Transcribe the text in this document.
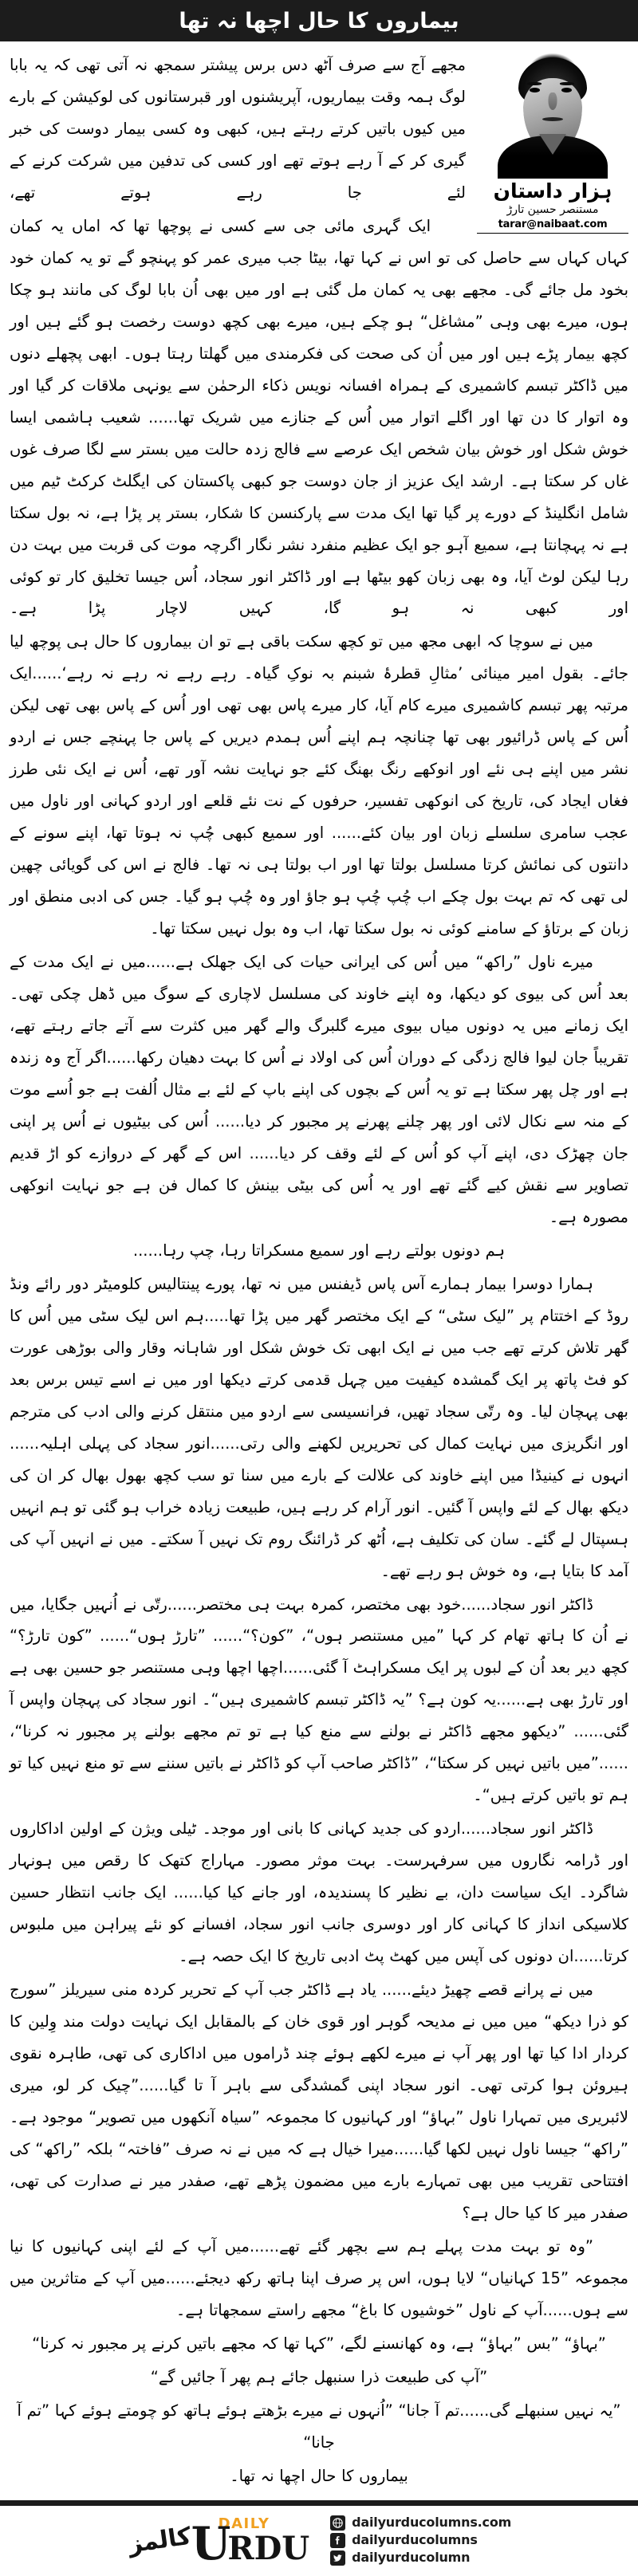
بیماروں کا حال اچھا نہ تھا
ہزار داستان
مستنصر حسین تارڑ
tarar@naibaat.com

مجھے آج سے صرف آٹھ دس برس پیشتر سمجھ نہ آتی تھی کہ یہ بابا لوگ ہمہ وقت بیماریوں، آپریشنوں اور قبرستانوں کی لوکیشن کے بارے میں کیوں باتیں کرتے رہتے ہیں، کبھی وہ کسی بیمار دوست کی خبر گیری کر کے آ رہے ہوتے تھے اور کسی کی تدفین میں شرکت کرنے کے لئے جا رہے ہوتے تھے،

ایک گہری مائی جی سے کسی نے پوچھا تھا کہ اماں یہ کمان کہاں کہاں سے حاصل کی تو اس نے کہا تھا، بیٹا جب میری عمر کو پہنچو گے تو یہ کمان خود بخود مل جائے گی۔ مجھے بھی یہ کمان مل گئی ہے اور میں بھی اُن بابا لوگ کی مانند ہو چکا ہوں، میرے بھی وہی ”مشاغل“ ہو چکے ہیں، میرے بھی کچھ دوست رخصت ہو گئے ہیں اور کچھ بیمار پڑے ہیں اور میں اُن کی صحت کی فکرمندی میں گھلتا رہتا ہوں۔ ابھی پچھلے دنوں میں ڈاکٹر تبسم کاشمیری کے ہمراہ افسانہ نویس ذکاء الرحمٰن سے یونہی ملاقات کر گیا اور وہ اتوار کا دن تھا اور اگلے اتوار میں اُس کے جنازے میں شریک تھا...... شعیب ہاشمی ایسا خوش شکل اور خوش بیان شخص ایک عرصے سے فالج زدہ حالت میں بستر سے لگا صرف غوں غاں کر سکتا ہے۔ ارشد ایک عزیز از جان دوست جو کبھی پاکستان کی ایگلٹ کرکٹ ٹیم میں شامل انگلینڈ کے دورے پر گیا تھا ایک مدت سے پارکنسن کا شکار، بستر پر پڑا ہے، نہ بول سکتا ہے نہ پہچانتا ہے، سمیع آہو جو ایک عظیم منفرد نشر نگار اگرچہ موت کی قربت میں بہت دن رہا لیکن لوٹ آیا، وہ بھی زبان کھو بیٹھا ہے اور ڈاکٹر انور سجاد، اُس جیسا تخلیق کار تو کوئی اور کبھی نہ ہو گا، کہیں لاچار پڑا ہے۔

میں نے سوچا کہ ابھی مجھ میں تو کچھ سکت باقی ہے تو ان بیماروں کا حال ہی پوچھ لیا جائے۔ بقول امیر مینائی ’مثالِ قطرۂ شبنم بہ نوکِ گیاہ۔ رہے رہے نہ رہے نہ رہے‘......ایک مرتبہ پھر تبسم کاشمیری میرے کام آیا، کار میرے پاس بھی تھی اور اُس کے پاس بھی تھی لیکن اُس کے پاس ڈرائیور بھی تھا چنانچہ ہم اپنے اُس ہمدم دیریں کے پاس جا پہنچے جس نے اردو نشر میں اپنے ہی نئے اور انوکھے رنگ بھنگ کئے جو نہایت نشہ آور تھے، اُس نے ایک نئی طرز فغاں ایجاد کی، تاریخ کی انوکھی تفسیر، حرفوں کے نت نئے قلعے اور اردو کہانی اور ناول میں عجب سامری سلسلے زبان اور بیان کئے...... اور سمیع کبھی چُپ نہ ہوتا تھا، اپنے سونے کے دانتوں کی نمائش کرتا مسلسل بولتا تھا اور اب بولتا ہی نہ تھا۔ فالج نے اس کی گویائی چھین لی تھی کہ تم بہت بول چکے اب چُپ چُپ ہو جاؤ اور وہ چُپ ہو گیا۔ جس کی ادبی منطق اور زبان کے برتاؤ کے سامنے کوئی نہ بول سکتا تھا، اب وہ بول نہیں سکتا تھا۔

میرے ناول ”راکھ“ میں اُس کی ایرانی حیات کی ایک جھلک ہے......میں نے ایک مدت کے بعد اُس کی بیوی کو دیکھا، وہ اپنے خاوند کی مسلسل لاچاری کے سوگ میں ڈھل چکی تھی۔ ایک زمانے میں یہ دونوں میاں بیوی میرے گلبرگ والے گھر میں کثرت سے آتے جاتے رہتے تھے، تقریباً جان لیوا فالج زدگی کے دوران اُس کی اولاد نے اُس کا بہت دھیان رکھا......اگر آج وہ زندہ ہے اور چل پھر سکتا ہے تو یہ اُس کے بچوں کی اپنے باپ کے لئے بے مثال اُلفت ہے جو اُسے موت کے منہ سے نکال لائی اور پھر چلنے پھرنے پر مجبور کر دیا...... اُس کی بیٹیوں نے اُس پر اپنی جان چھڑک دی، اپنے آپ کو اُس کے لئے وقف کر دیا...... اس کے گھر کے دروازے کو اڑ قدیم تصاویر سے نقش کیے گئے تھے اور یہ اُس کی بیٹی بینش کا کمال فن ہے جو نہایت انوکھی مصورہ ہے۔

ہم دونوں بولتے رہے اور سمیع مسکراتا رہا، چپ رہا......

ہمارا دوسرا بیمار ہمارے آس پاس ڈیفنس میں نہ تھا، پورے پینتالیس کلومیٹر دور رائے ونڈ روڈ کے اختتام پر ”لیک سٹی“ کے ایک مختصر گھر میں پڑا تھا.....ہم اس لیک سٹی میں اُس کا گھر تلاش کرتے تھے جب میں نے ایک ابھی تک خوش شکل اور شاہانہ وقار والی بوڑھی عورت کو فٹ پاتھ پر ایک گمشدہ کیفیت میں چہل قدمی کرتے دیکھا اور میں نے اسے تیس برس بعد بھی پہچان لیا۔ وہ رتّی سجاد تھیں، فرانسیسی سے اردو میں منتقل کرنے والی ادب کی مترجم اور انگریزی میں نہایت کمال کی تحریریں لکھنے والی رتی......انور سجاد کی پہلی اہلیہ...... انہوں نے کینیڈا میں اپنے خاوند کی علالت کے بارے میں سنا تو سب کچھ بھول بھال کر ان کی دیکھ بھال کے لئے واپس آ گئیں۔ انور آرام کر رہے ہیں، طبیعت زیادہ خراب ہو گئی تو ہم انہیں ہسپتال لے گئے۔ سان کی تکلیف ہے، اُٹھ کر ڈرائنگ روم تک نہیں آ سکتے۔ میں نے انہیں آپ کی آمد کا بتایا ہے، وہ خوش ہو رہے تھے۔

ڈاکٹر انور سجاد......خود بھی مختصر، کمرہ بہت ہی مختصر......رتّی نے اُنہیں جگایا، میں نے اُن کا ہاتھ تھام کر کہا ”میں مستنصر ہوں“، ”کون؟“...... ”تارڑ ہوں“...... ”کون تارڑ؟“ کچھ دیر بعد اُن کے لبوں پر ایک مسکراہٹ آ گئی......اچھا اچھا وہی مستنصر جو حسین بھی ہے اور تارڑ بھی ہے......یہ کون ہے؟ ”یہ ڈاکٹر تبسم کاشمیری ہیں“۔ انور سجاد کی پہچان واپس آ گئی...... ”دیکھو مجھے ڈاکٹر نے بولنے سے منع کیا ہے تو تم مجھے بولنے پر مجبور نہ کرنا“، ......”میں باتیں نہیں کر سکتا“، ”ڈاکٹر صاحب آپ کو ڈاکٹر نے باتیں سننے سے تو منع نہیں کیا تو ہم تو باتیں کرتے ہیں“۔

ڈاکٹر انور سجاد......اردو کی جدید کہانی کا بانی اور موجد۔ ٹیلی ویژن کے اولین اداکاروں اور ڈرامہ نگاروں میں سرفہرست۔ بہت موثر مصور۔ مہاراج کتھک کا رقص میں ہونہار شاگرد۔ ایک سیاست دان، بے نظیر کا پسندیدہ، اور جانے کیا کیا...... ایک جانب انتظار حسین کلاسیکی انداز کا کہانی کار اور دوسری جانب انور سجاد، افسانے کو نئے پیراہن میں ملبوس کرتا......ان دونوں کی آپس میں کھٹ پٹ ادبی تاریخ کا ایک حصہ ہے۔

میں نے پرانے قصے چھیڑ دیئے...... یاد ہے ڈاکٹر جب آپ کے تحریر کردہ منی سیریلز ”سورج کو ذرا دیکھ“ میں میں نے مدیحہ گوہر اور قوی خان کے بالمقابل ایک نہایت دولت مند وِلین کا کردار ادا کیا تھا اور پھر آپ نے میرے لکھے ہوئے چند ڈراموں میں اداکاری کی تھی، طاہرہ نقوی ہیروئن ہوا کرتی تھی۔ انور سجاد اپنی گمشدگی سے باہر آ تا گیا......”چیک کر لو، میری لائبریری میں تمہارا ناول ”بہاؤ“ اور کہانیوں کا مجموعہ ”سیاہ آنکھوں میں تصویر“ موجود ہے۔ ”راکھ“ جیسا ناول نہیں لکھا گیا......میرا خیال ہے کہ میں نے نہ صرف ”فاختہ“ بلکہ ”راکھ“ کی افتتاحی تقریب میں بھی تمہارے بارے میں مضمون پڑھے تھے، صفدر میر نے صدارت کی تھی، صفدر میر کا کیا حال ہے؟

”وہ تو بہت مدت پہلے ہم سے بچھر گئے تھے......میں آپ کے لئے اپنی کہانیوں کا نیا مجموعہ ”15 کہانیاں“ لایا ہوں، اس پر صرف اپنا ہاتھ رکھ دیجئے......میں آپ کے متاثرین میں سے ہوں......آپ کے ناول ”خوشیوں کا باغ“ مجھے راستے سمجھاتا ہے۔

”بہاؤ“ ”بس ”بہاؤ“ ہے، وہ کھانسنے لگے، ”کہا تھا کہ مجھے باتیں کرنے پر مجبور نہ کرنا“

”آپ کی طبیعت ذرا سنبھل جائے ہم پھر آ جائیں گے“

”یہ نہیں سنبھلے گی......تم آ جانا“ ”اُنہوں نے میرے بڑھتے ہوئے ہاتھ کو چومتے ہوئے کہا ”تم آ جانا“

بیماروں کا حال اچھا نہ تھا۔

کالمز DAILY
U
RDU
dailyurducolumns.com
dailyurducolumns
dailyurducolumn
